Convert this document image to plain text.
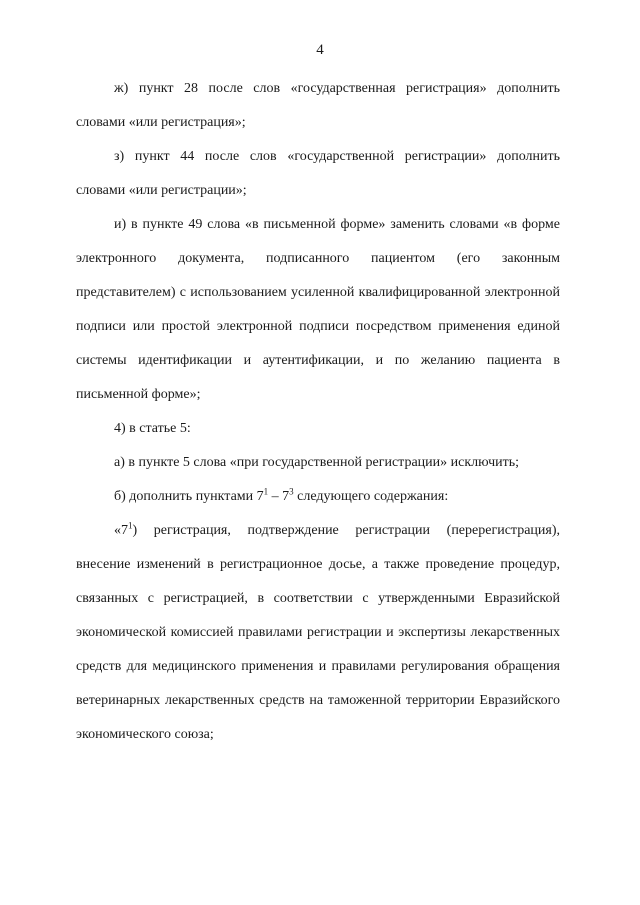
4

ж) пункт 28 после слов «государственная регистрация» дополнить словами «или регистрация»;

з) пункт 44 после слов «государственной регистрации» дополнить словами «или регистрации»;

и) в пункте 49 слова «в письменной форме» заменить словами «в форме электронного документа, подписанного пациентом (его законным представителем) с использованием усиленной квалифицированной электронной подписи или простой электронной подписи посредством применения единой системы идентификации и аутентификации, и по желанию пациента в письменной форме»;

4) в статье 5:

а) в пункте 5 слова «при государственной регистрации» исключить;

б) дополнить пунктами $7^1 - 7^3$ следующего содержания:

«$7^1$) регистрация, подтверждение регистрации (перерегистрация), внесение изменений в регистрационное досье, а также проведение процедур, связанных с регистрацией, в соответствии с утвержденными Евразийской экономической комиссией правилами регистрации и экспертизы лекарственных средств для медицинского применения и правилами регулирования обращения ветеринарных лекарственных средств на таможенной территории Евразийского экономического союза;
